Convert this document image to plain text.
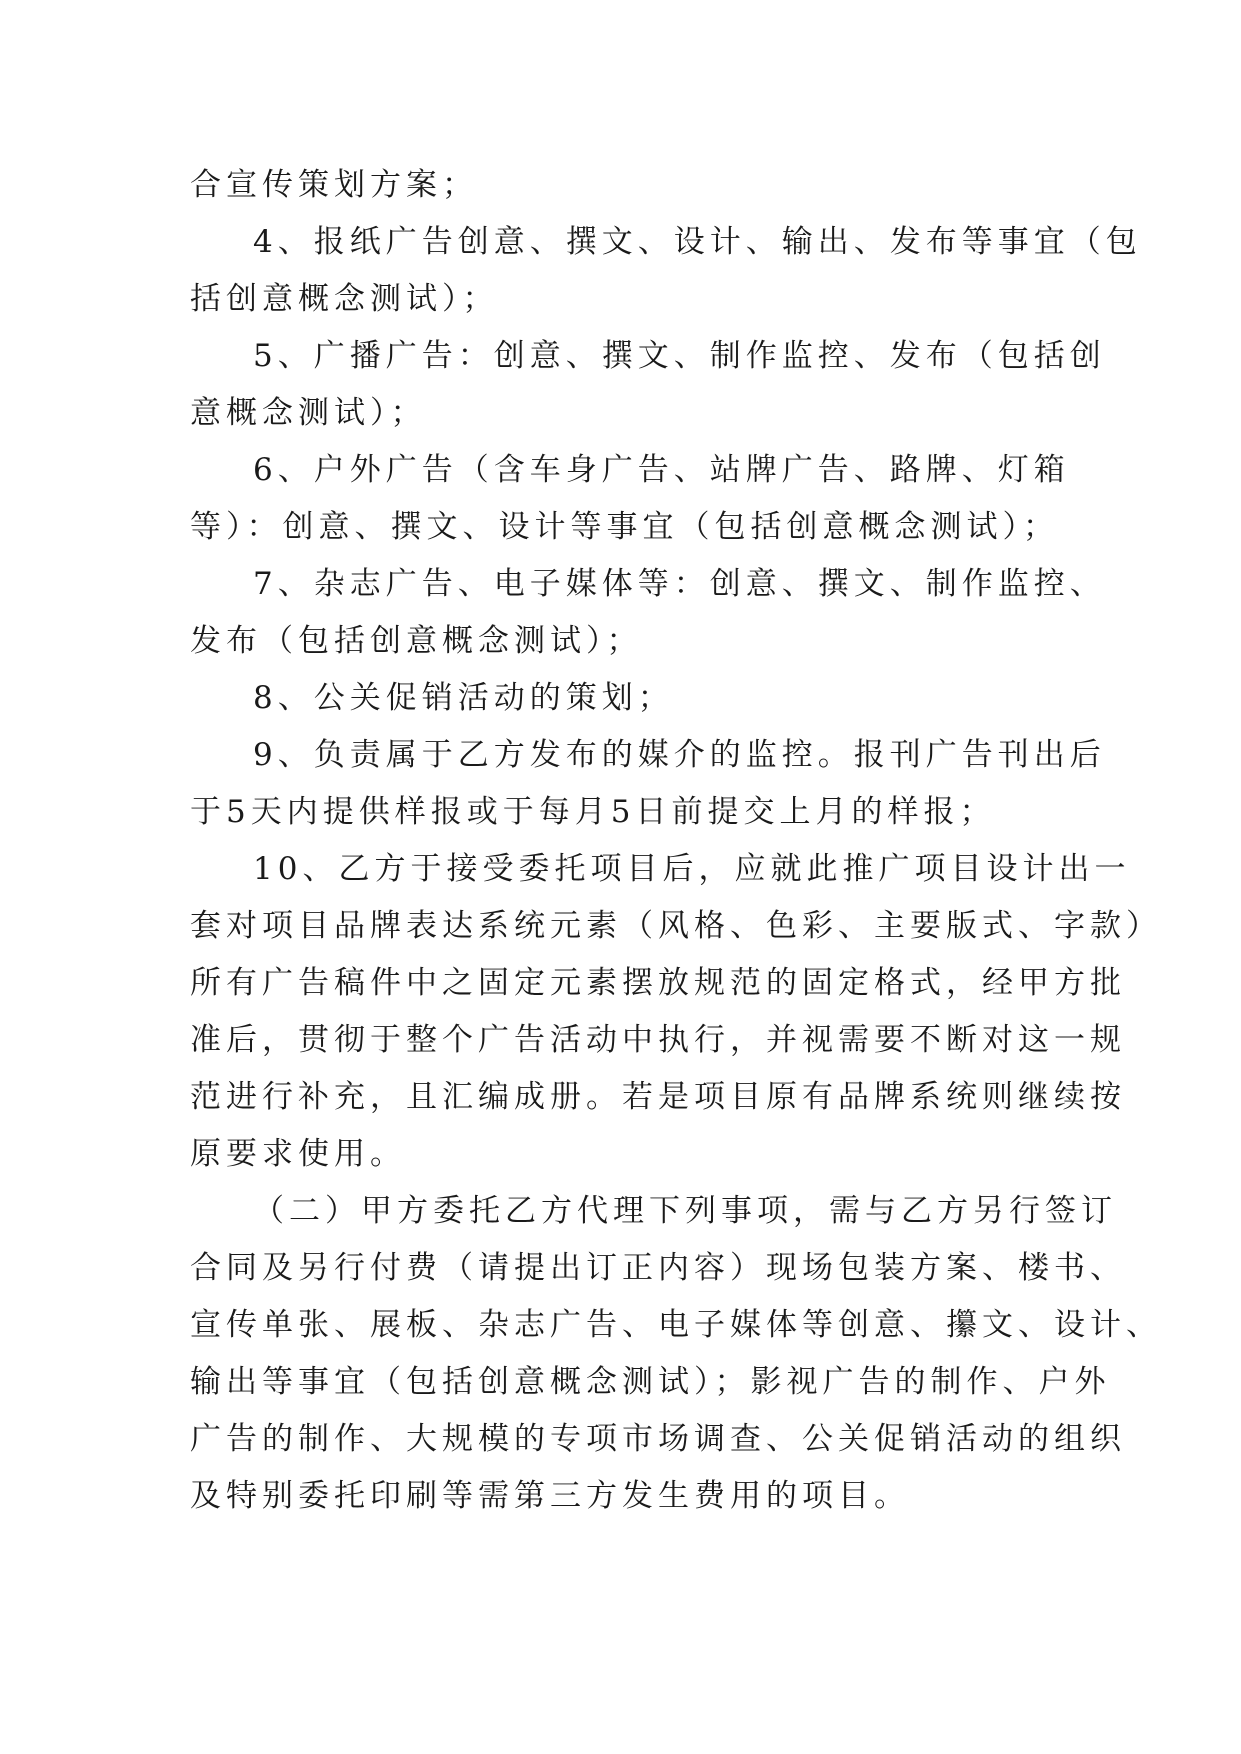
合宣传策划方案；
4、报纸广告创意、撰文、设计、输出、发布等事宜（包
括创意概念测试）；
5、广播广告：创意、撰文、制作监控、发布（包括创
意概念测试）；
6、户外广告（含车身广告、站牌广告、路牌、灯箱
等）：创意、撰文、设计等事宜（包括创意概念测试）；
7、杂志广告、电子媒体等：创意、撰文、制作监控、
发布（包括创意概念测试）；
8、公关促销活动的策划；
9、负责属于乙方发布的媒介的监控。报刊广告刊出后
于5天内提供样报或于每月5日前提交上月的样报；
10、乙方于接受委托项目后，应就此推广项目设计出一
套对项目品牌表达系统元素（风格、色彩、主要版式、字款）
所有广告稿件中之固定元素摆放规范的固定格式，经甲方批
准后，贯彻于整个广告活动中执行，并视需要不断对这一规
范进行补充，且汇编成册。若是项目原有品牌系统则继续按
原要求使用。
（二）甲方委托乙方代理下列事项，需与乙方另行签订
合同及另行付费（请提出订正内容）现场包装方案、楼书、
宣传单张、展板、杂志广告、电子媒体等创意、攥文、设计、
输出等事宜（包括创意概念测试）；影视广告的制作、户外
广告的制作、大规模的专项市场调查、公关促销活动的组织
及特别委托印刷等需第三方发生费用的项目。
